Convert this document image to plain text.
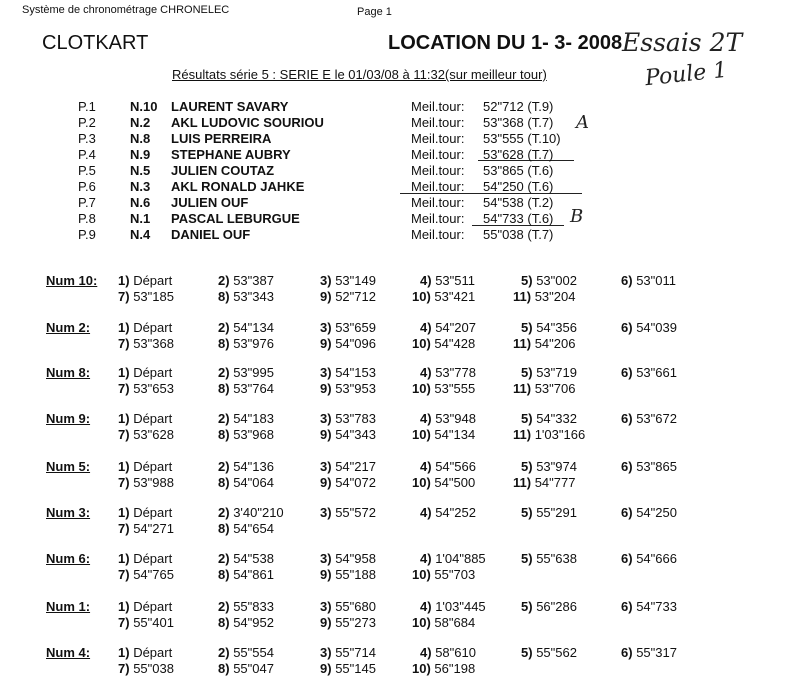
Système de chronométrage CHRONELEC	Page 1
CLOTKART	LOCATION DU 1- 3- 2008
Résultats série 5 : SERIE E le 01/03/08 à 11:32(sur meilleur tour)
Essais 2T
Poule 1
A
B
P.1	N.10 LAURENT SAVARY	Meil.tour: 52"712 (T.9)
P.2	N.2 AKL LUDOVIC SOURIOU	Meil.tour: 53"368 (T.7)
P.3	N.8 LUIS PERREIRA	Meil.tour: 53"555 (T.10)
P.4	N.9 STEPHANE AUBRY	Meil.tour: 53"628 (T.7)
P.5	N.5 JULIEN COUTAZ	Meil.tour: 53"865 (T.6)
P.6	N.3 AKL RONALD JAHKE	Meil.tour: 54"250 (T.6)
P.7	N.6 JULIEN OUF	Meil.tour: 54"538 (T.2)
P.8	N.1 PASCAL LEBURGUE	Meil.tour: 54"733 (T.6)
P.9	N.4 DANIEL OUF	Meil.tour: 55"038 (T.7)
Num 10: 1) Départ	2) 53"387	3) 53"149	4) 53"511	5) 53"002	6) 53"011
7) 53"185	8) 53"343	9) 52"712	10) 53"421	11) 53"204
Num 2: 1) Départ	2) 54"134	3) 53"659	4) 54"207	5) 54"356	6) 54"039
7) 53"368	8) 53"976	9) 54"096	10) 54"428	11) 54"206
Num 8: 1) Départ	2) 53"995	3) 54"153	4) 53"778	5) 53"719	6) 53"661
7) 53"653	8) 53"764	9) 53"953	10) 53"555	11) 53"706
Num 9: 1) Départ	2) 54"183	3) 53"783	4) 53"948	5) 54"332	6) 53"672
7) 53"628	8) 53"968	9) 54"343	10) 54"134	11) 1'03"166
Num 5: 1) Départ	2) 54"136	3) 54"217	4) 54"566	5) 53"974	6) 53"865
7) 53"988	8) 54"064	9) 54"072	10) 54"500	11) 54"777
Num 3: 1) Départ	2) 3'40"210	3) 55"572	4) 54"252	5) 55"291	6) 54"250
7) 54"271	8) 54"654
Num 6: 1) Départ	2) 54"538	3) 54"958	4) 1'04"885	5) 55"638	6) 54"666
7) 54"765	8) 54"861	9) 55"188	10) 55"703
Num 1: 1) Départ	2) 55"833	3) 55"680	4) 1'03"445	5) 56"286	6) 54"733
7) 55"401	8) 54"952	9) 55"273	10) 58"684
Num 4: 1) Départ	2) 55"554	3) 55"714	4) 58"610	5) 55"562	6) 55"317
7) 55"038	8) 55"047	9) 55"145	10) 56"198
